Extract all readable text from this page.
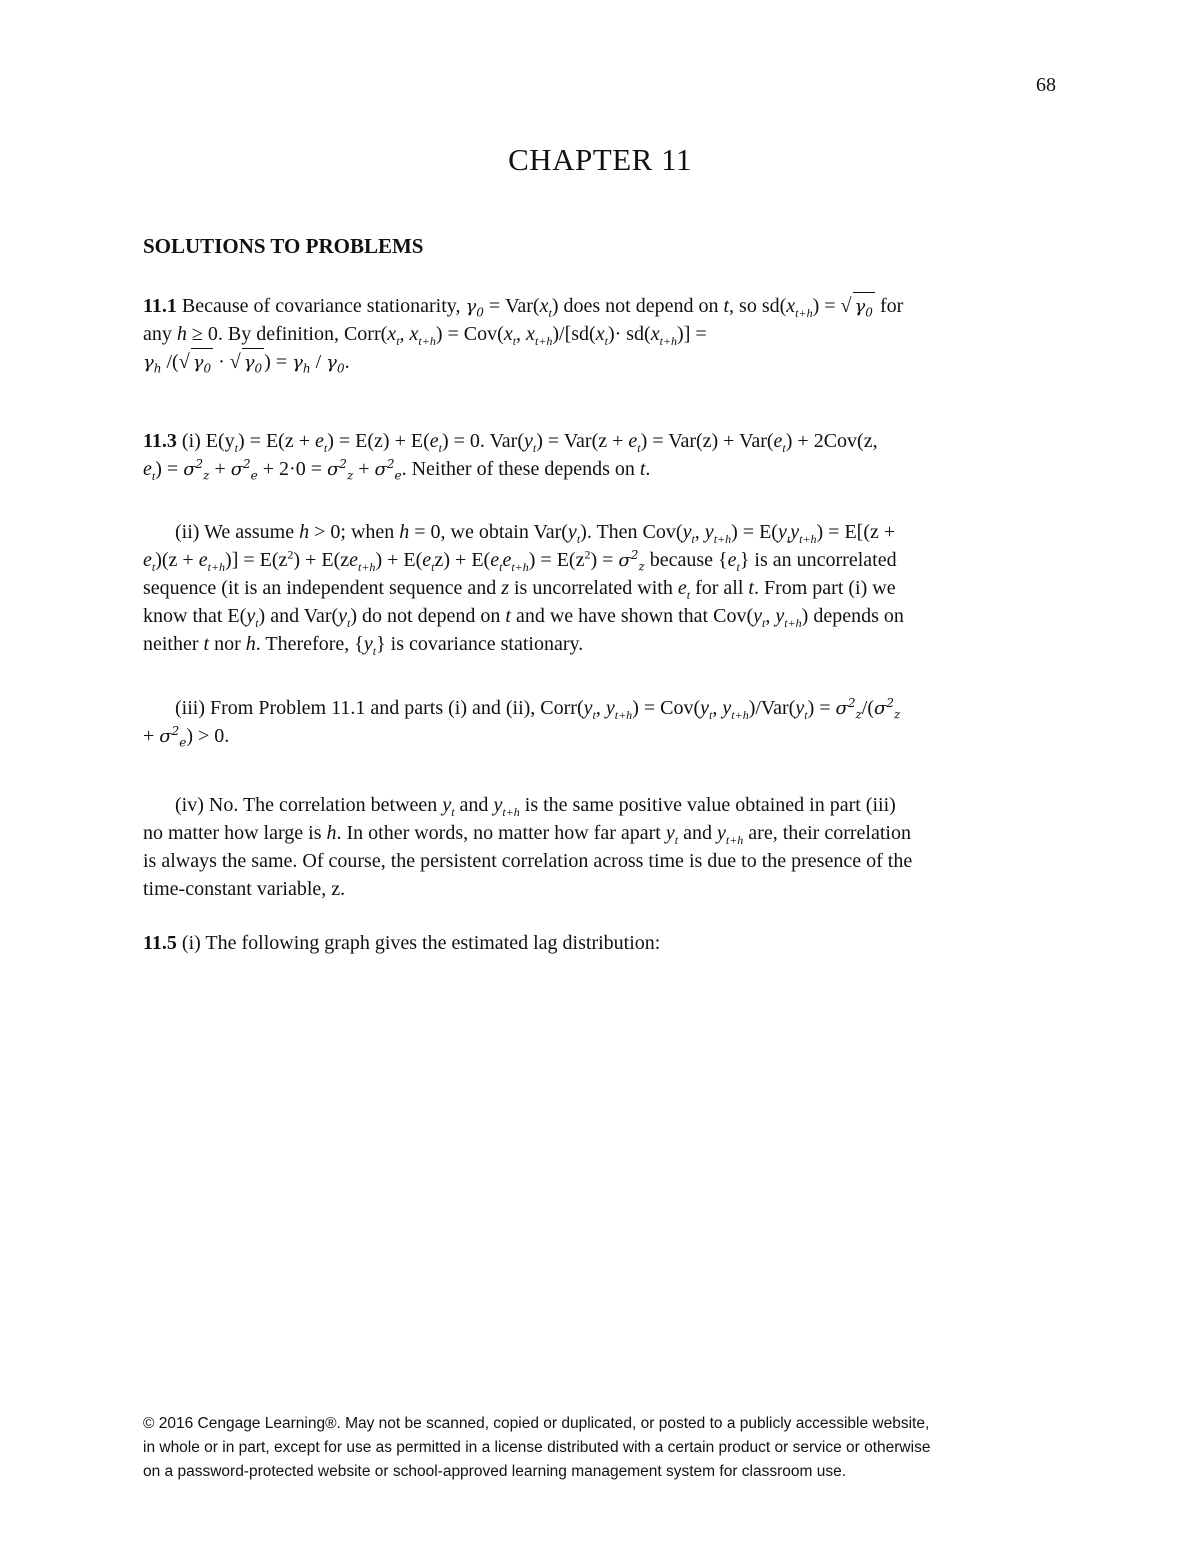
68
CHAPTER 11
SOLUTIONS TO PROBLEMS
11.1 Because of covariance stationarity, $\gamma_0 = Var(x_t)$ does not depend on t, so $sd(x_{t+h})$ = √ $\gamma_0$ for
any h ≥ 0. By definition, $Corr(x_t$, $x_{t+h}) = Cov(x_t$, $x_{t+h})/[sd(x_t)\cdot sd(x_{t+h})]$ =
$\gamma_h$ /(√ $\gamma_0$ · √ $\gamma_0$ ) = $\gamma_h / \gamma_0$.
11.3 (i) $E(y_t) = E(z + e_t) = E(z) + E(e_t) = 0$. $Var(y_t) = Var(z + e_t) = Var(z) + Var(e_t) + 2Cov(z$,
$e_t) = \sigma^2_z + \sigma^2_e + 2\cdot 0 = \sigma^2_z + \sigma^2_e$. Neither of these depends on t.
(ii) We assume h > 0; when h = 0, we obtain $Var(y_t)$. Then $Cov(y_t$, $y_{t+h}) = E(y_ty_{t+h}) = E[(z$ +
$e_t)(z + e_{t+h})] = E(z^2) + E(ze_{t+h}) + E(e_tz) + E(e_te_{t+h}) = E(z^2) = \sigma^2_z$ because $\{e_t\}$ is an uncorrelated
sequence (it is an independent sequence and z is uncorrelated with $e_t$ for all t. From part (i) we
know that $E(y_t)$ and $Var(y_t)$ do not depend on t and we have shown that $Cov(y_t$, $y_{t+h}$) depends on
neither t nor h. Therefore, $\{y_t\}$ is covariance stationary.
(iii) From Problem 11.1 and parts (i) and (ii), $Corr(y_t$, $y_{t+h}) = Cov(y_t$, $y_{t+h})/Var(y_t) = \sigma^2_z/(\sigma^2_z$
+ $\sigma^2_e) > 0$.
(iv) No. The correlation between $y_t$ and $y_{t+h}$ is the same positive value obtained in part (iii)
no matter how large is h. In other words, no matter how far apart $y_t$ and $y_{t+h}$ are, their correlation
is always the same. Of course, the persistent correlation across time is due to the presence of the
time-constant variable, z.
11.5 (i) The following graph gives the estimated lag distribution:
© 2016 Cengage Learning®. May not be scanned, copied or duplicated, or posted to a publicly accessible website,
in whole or in part, except for use as permitted in a license distributed with a certain product or service or otherwise
on a password-protected website or school-approved learning management system for classroom use.
